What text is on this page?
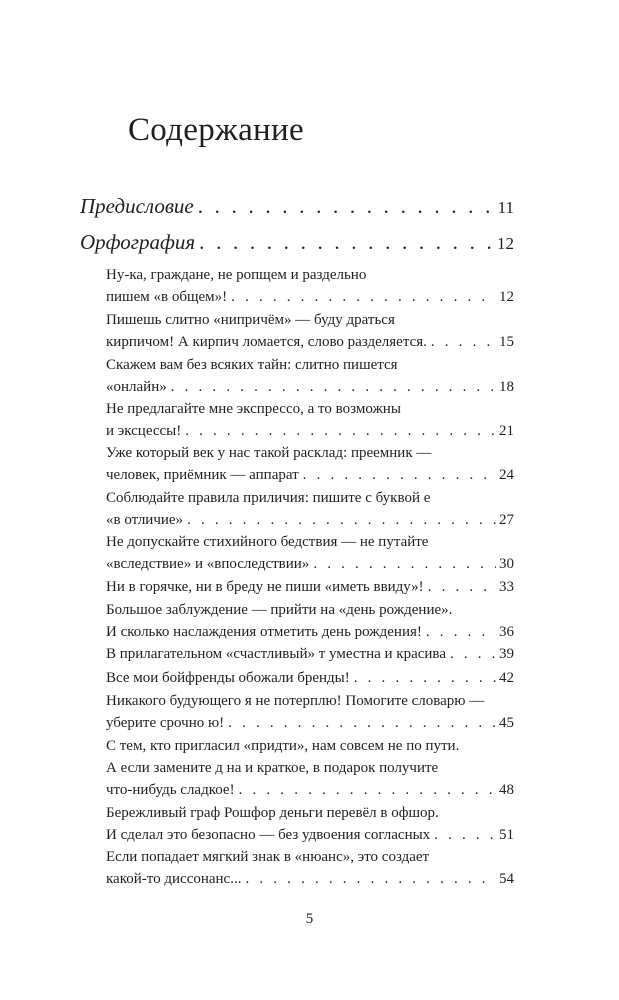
Содержание
Предисловие . . .	11
Орфография . . .	12
Ну-ка, граждане, не ропщем и раздельно
пишем «в общем»! . . .	12
Пишешь слитно «нипричём» — буду драться
кирпичом! А кирпич ломается, слово разделяется. . . .	15
Скажем вам без всяких тайн: слитно пишется
«онлайн» . . .	18
Не предлагайте мне экспрессо, а то возможны
и эксцессы! . . .	21
Уже который век у нас такой расклад: преемник —
человек, приёмник — аппарат . . .	24
Соблюдайте правила приличия: пишите с буквой е
«в отличие» . . .	27
Не допускайте стихийного бедствия — не путайте
«вследствие» и «впоследствии» . . .	30
Ни в горячке, ни в бреду не пиши «иметь ввиду»! . . .	33
Большое заблуждение — прийти на «день рождение».
И сколько наслаждения отметить день рождения! . . .	36
В прилагательном «счастливый» т уместна и красива . . .	39
Все мои бойфренды обожали бренды! . . .	42
Никакого будующего я не потерплю! Помогите словарю —
уберите срочно ю! . . .	45
С тем, кто пригласил «придти», нам совсем не по пути.
А если замените д на и краткое, в подарок получите
что-нибудь сладкое! . . .	48
Бережливый граф Рошфор деньги перевёл в офшор.
И сделал это безопасно — без удвоения согласных . . .	51
Если попадает мягкий знак в «нюанс», это создает
какой-то диссонанс... . . .	54
5
